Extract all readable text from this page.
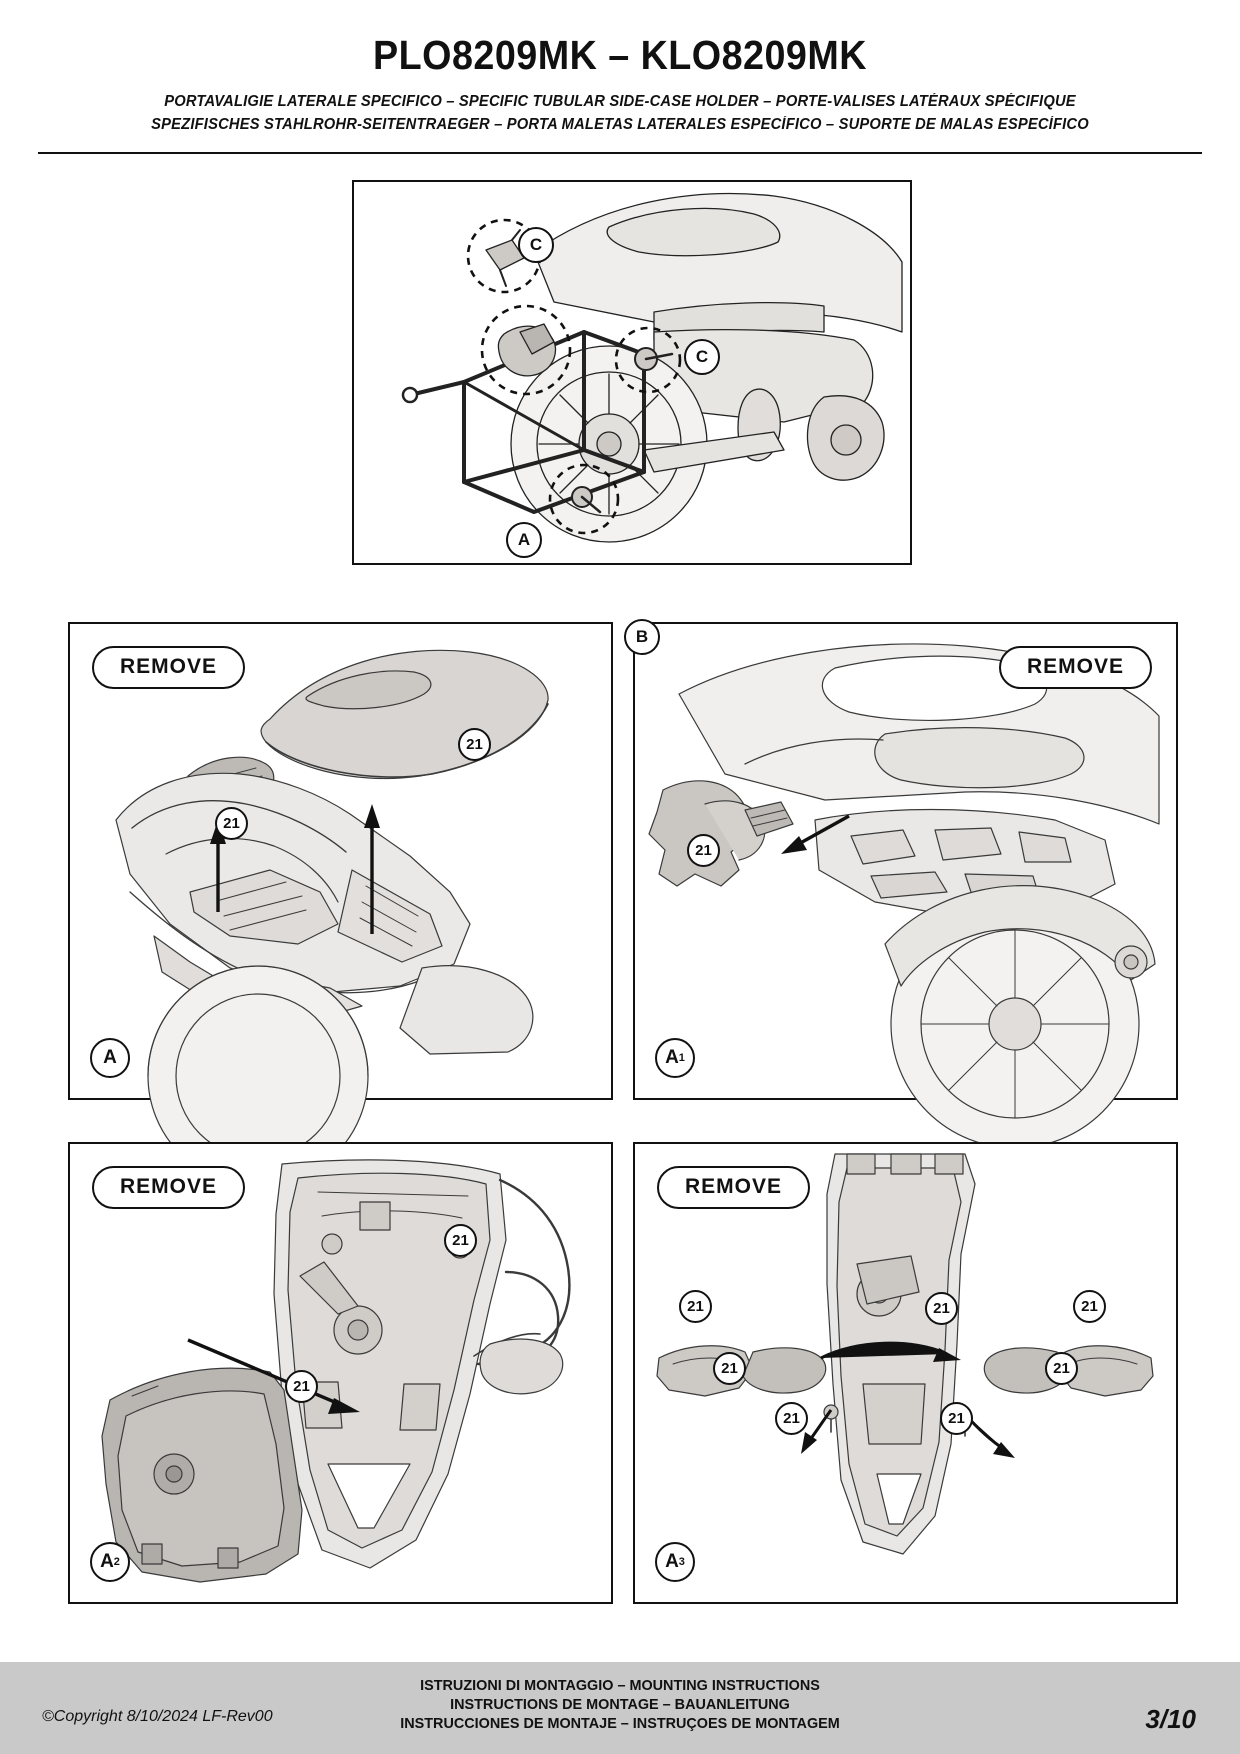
PLO8209MK – KLO8209MK
PORTAVALIGIE LATERALE SPECIFICO – SPECIFIC TUBULAR SIDE-CASE HOLDER – PORTE-VALISES LATÉRAUX SPÉCIFIQUE
SPEZIFISCHES STAHLROHR-SEITENTRAEGER – PORTA MALETAS LATERALES ESPECÍFICO – SUPORTE DE MALAS ESPECÍFICO
C
C
A
B
REMOVE
21
21
A
REMOVE
21
A 1
REMOVE
21
21
A 2
REMOVE
21
21
21
21	21
21
21
A 3
©Copyright 8/10/2024 LF-Rev00
ISTRUZIONI DI MONTAGGIO – MOUNTING INSTRUCTIONS
INSTRUCTIONS DE MONTAGE – BAUANLEITUNG
INSTRUCCIONES DE MONTAJE – INSTRUÇOES DE MONTAGEM	3/10
